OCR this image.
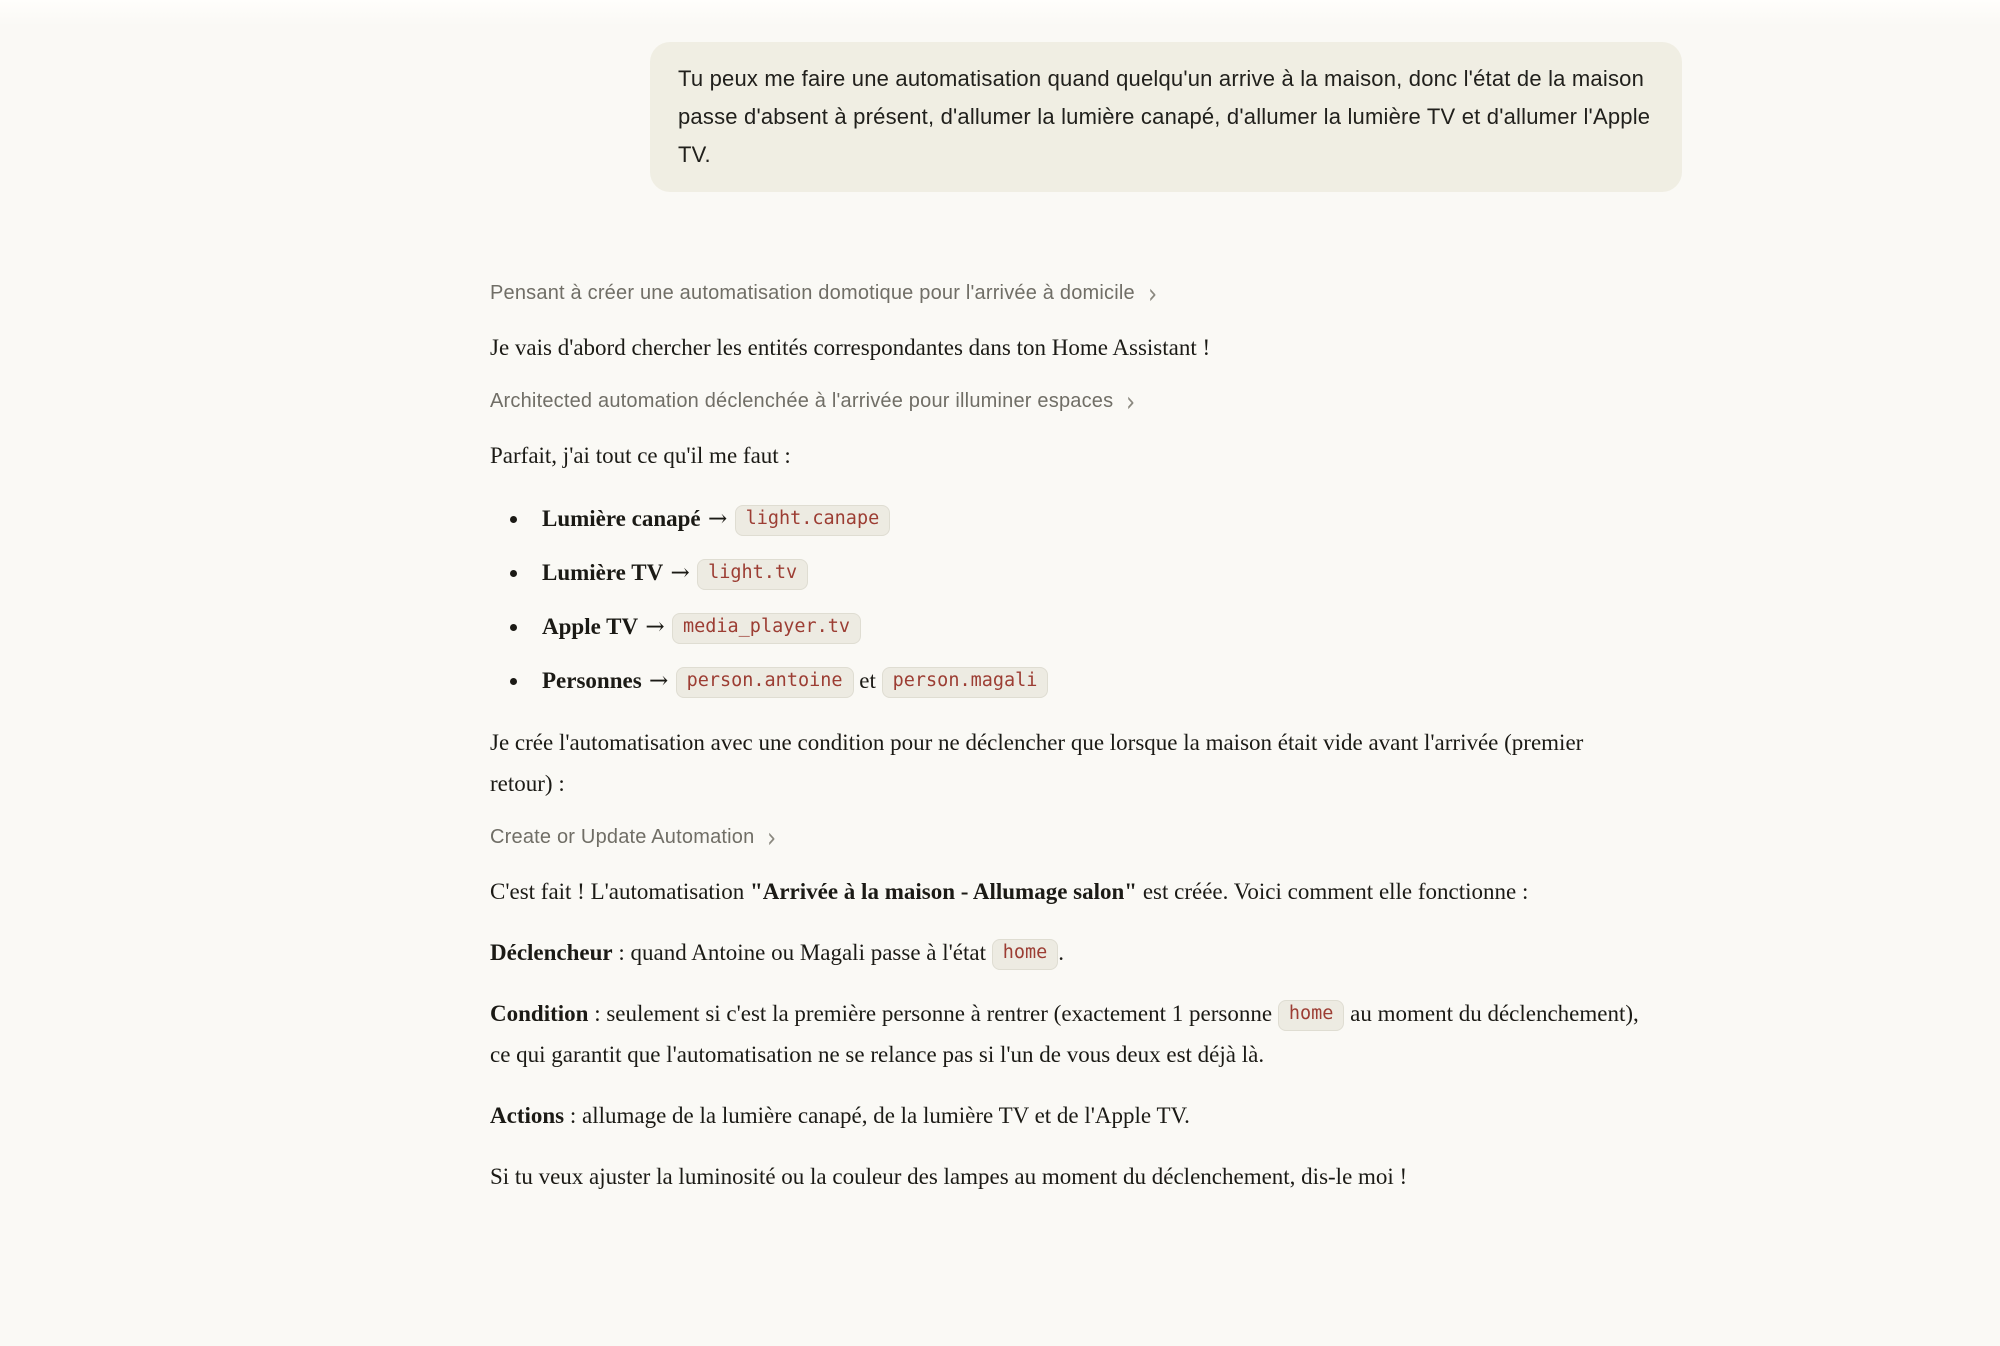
Tu peux me faire une automatisation quand quelqu'un arrive à la maison, donc l'état de la maison passe d'absent à présent, d'allumer la lumière canapé, d'allumer la lumière TV et d'allumer l'Apple TV.
Pensant à créer une automatisation domotique pour l'arrivée à domicile ›

Je vais d'abord chercher les entités correspondantes dans ton Home Assistant !

Architected automation déclenchée à l'arrivée pour illuminer espaces ›

Parfait, j'ai tout ce qu'il me faut :

• Lumière canapé → light.canape
• Lumière TV → light.tv
• Apple TV → media_player.tv
• Personnes → person.antoine et person.magali

Je crée l'automatisation avec une condition pour ne déclencher que lorsque la maison était vide avant l'arrivée (premier retour) :

Create or Update Automation ›

C'est fait ! L'automatisation "Arrivée à la maison - Allumage salon" est créée. Voici comment elle fonctionne :

Déclencheur : quand Antoine ou Magali passe à l'état home .

Condition : seulement si c'est la première personne à rentrer (exactement 1 personne home au moment du déclenchement), ce qui garantit que l'automatisation ne se relance pas si l'un de vous deux est déjà là.

Actions : allumage de la lumière canapé, de la lumière TV et de l'Apple TV.

Si tu veux ajuster la luminosité ou la couleur des lampes au moment du déclenchement, dis-le moi !
